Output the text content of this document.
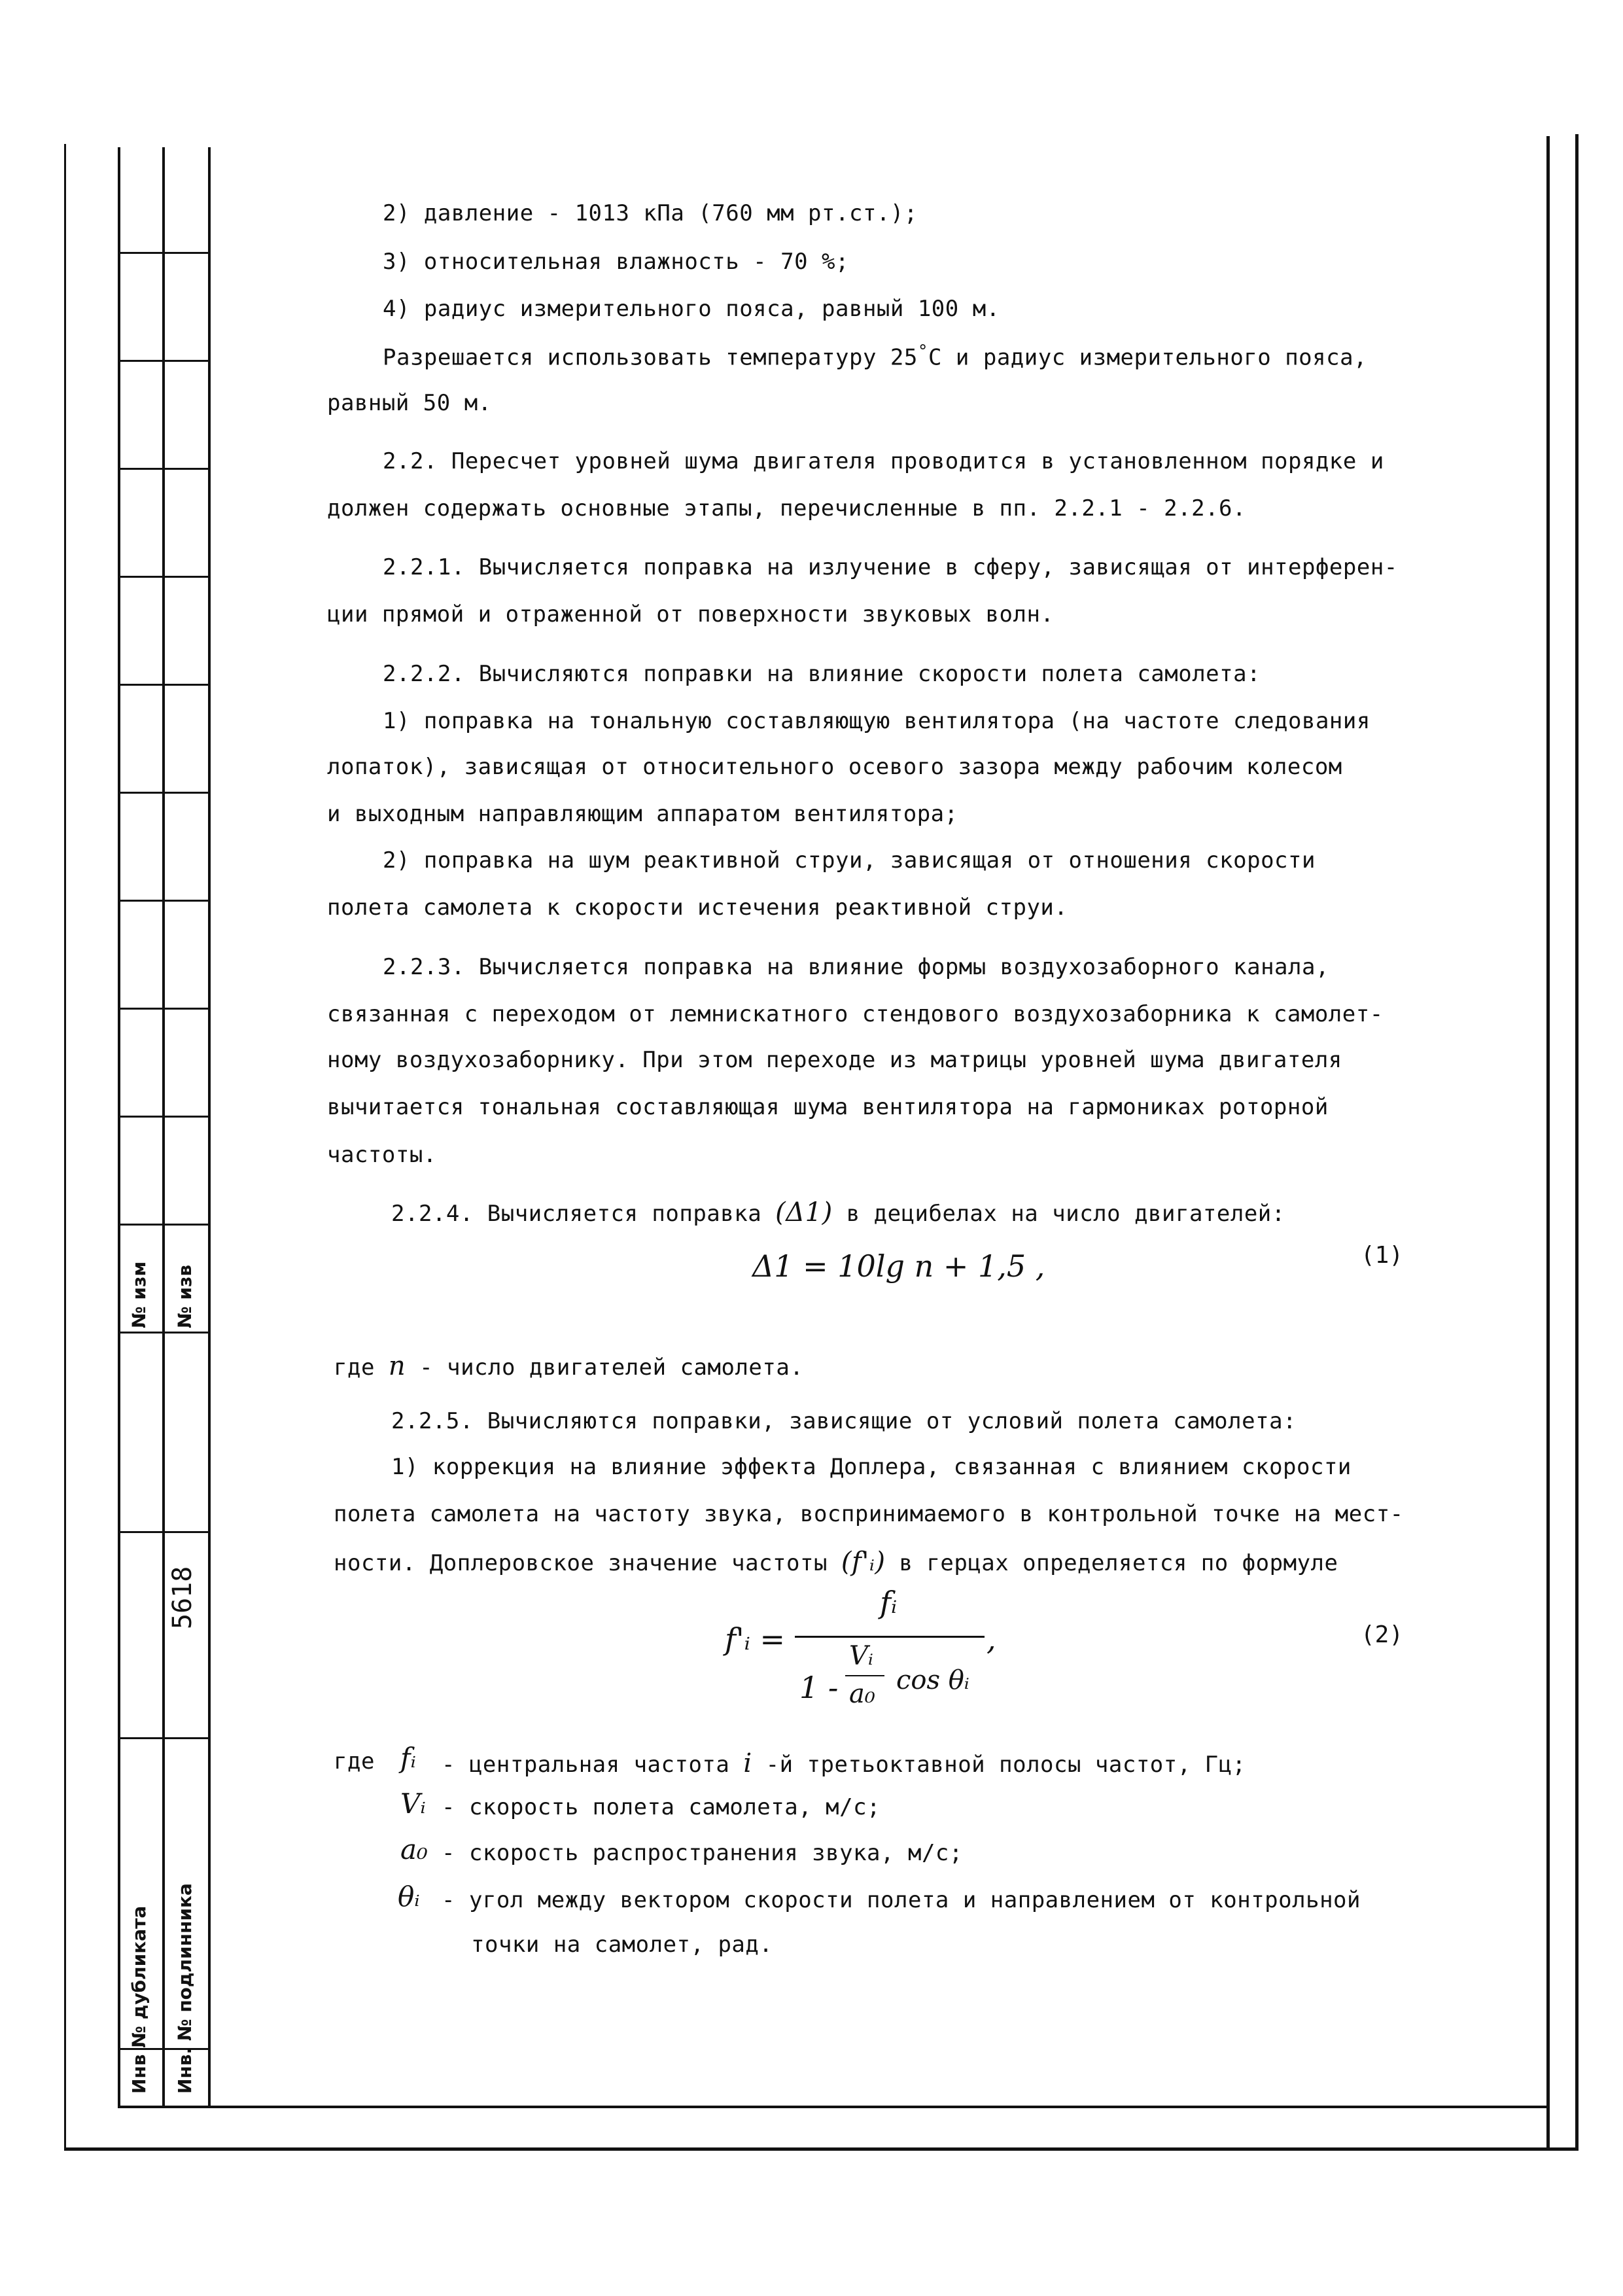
№ изм № изв
5618
Инв № дубликата Инв. № подлинника
2) давление - 1013 кПа (760 мм рт.ст.);
3) относительная влажность - 70 %;
4) радиус измерительного пояса, равный 100 м.
Разрешается использовать температуру 25°С и радиус измерительного пояса,
равный 50 м.
2.2. Пересчет уровней шума двигателя проводится в установленном порядке и
должен содержать основные этапы, перечисленные в пп. 2.2.1 - 2.2.6.
2.2.1. Вычисляется поправка на излучение в сферу, зависящая от интерферен-
ции прямой и отраженной от поверхности звуковых волн.
2.2.2. Вычисляются поправки на влияние скорости полета самолета:
1) поправка на тональную составляющую вентилятора (на частоте следования
лопаток), зависящая от относительного осевого зазора между рабочим колесом
и выходным направляющим аппаратом вентилятора;
2) поправка на шум реактивной струи, зависящая от отношения скорости
полета самолета к скорости истечения реактивной струи.
2.2.3. Вычисляется поправка на влияние формы воздухозаборного канала,
связанная с переходом от лемнискатного стендового воздухозаборника к самолет-
ному воздухозаборнику. При этом переходе из матрицы уровней шума двигателя
вычитается тональная составляющая шума вентилятора на гармониках роторной
частоты.
2.2.4. Вычисляется поправка (Δ1) в децибелах на число двигателей:
Δ1 = 10lg n + 1,5 ,	(1)
где n - число двигателей самолета.
2.2.5. Вычисляются поправки, зависящие от условий полета самолета:
1) коррекция на влияние эффекта Доплера, связанная с влиянием скорости
полета самолета на частоту звука, воспринимаемого в контрольной точке на мест-
ности. Доплеровское значение частоты (f'ᵢ) в герцах определяется по формуле
f'ᵢ =
fᵢ
1 -
Vᵢ
a₀ cos θᵢ
,	(2)
где fᵢ - центральная частота i -й третьоктавной полосы частот, Гц;
Vᵢ - скорость полета самолета, м/с;
a₀ - скорость распространения звука, м/с;
θᵢ - угол между вектором скорости полета и направлением от контрольной
точки на самолет, рад.
